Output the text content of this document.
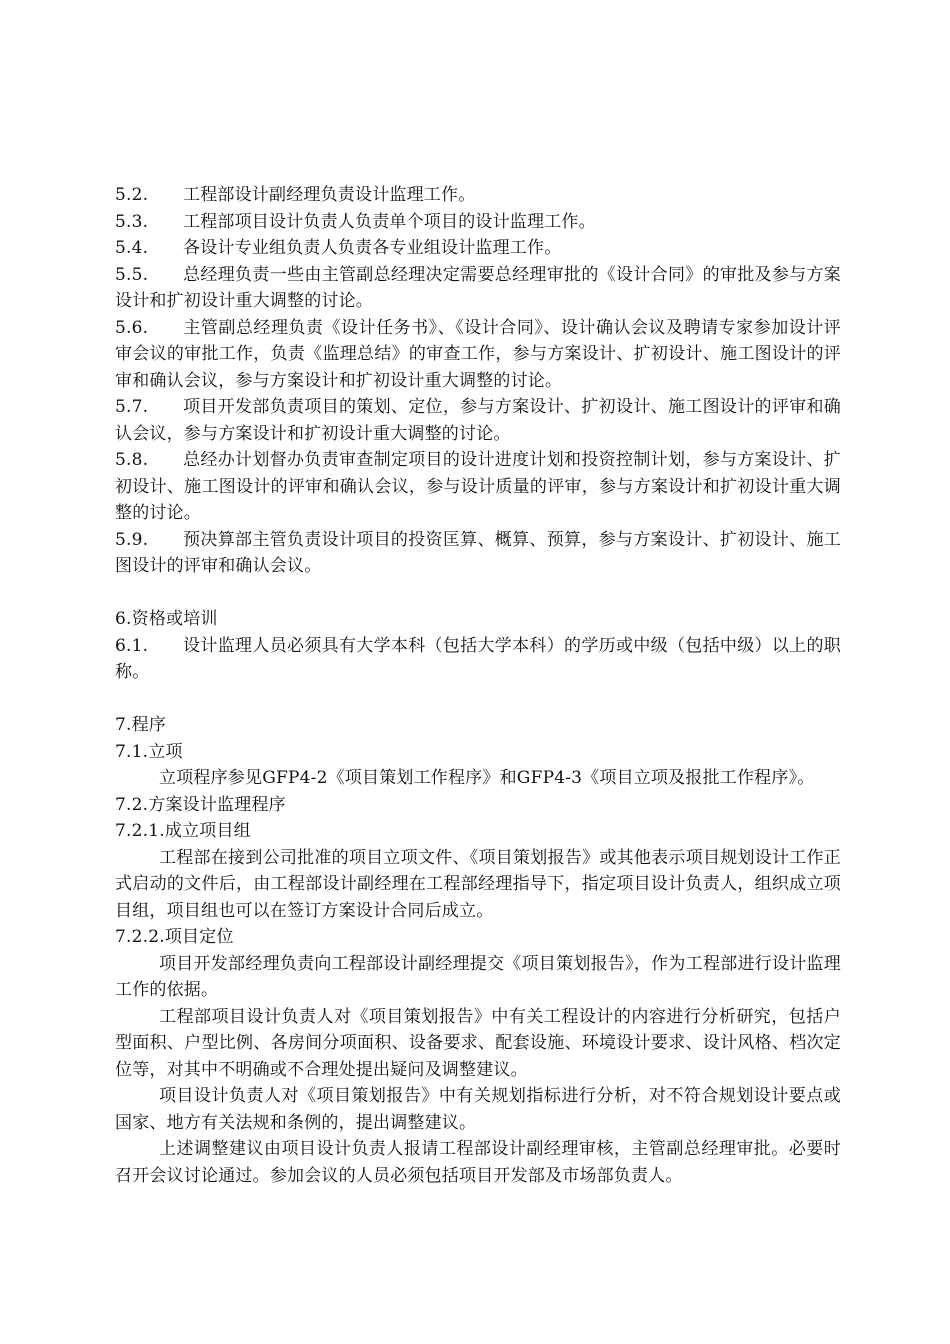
5.2. 工程部设计副经理负责设计监理工作。

5.3. 工程部项目设计负责人负责单个项目的设计监理工作。

5.4. 各设计专业组负责人负责各专业组设计监理工作。

5.5. 总经理负责一些由主管副总经理决定需要总经理审批的《设计合同》的审批及参与方案设计和扩初设计重大调整的讨论。

5.6. 主管副总经理负责《设计任务书》、《设计合同》、设计确认会议及聘请专家参加设计评审会议的审批工作，负责《监理总结》的审查工作，参与方案设计、扩初设计、施工图设计的评审和确认会议，参与方案设计和扩初设计重大调整的讨论。

5.7. 项目开发部负责项目的策划、定位，参与方案设计、扩初设计、施工图设计的评审和确认会议，参与方案设计和扩初设计重大调整的讨论。

5.8. 总经办计划督办负责审查制定项目的设计进度计划和投资控制计划，参与方案设计、扩初设计、施工图设计的评审和确认会议，参与设计质量的评审，参与方案设计和扩初设计重大调整的讨论。

5.9. 预决算部主管负责设计项目的投资匡算、概算、预算，参与方案设计、扩初设计、施工图设计的评审和确认会议。

6.资格或培训

6.1. 设计监理人员必须具有大学本科（包括大学本科）的学历或中级（包括中级）以上的职称。

7.程序

7.1.立项

立项程序参见GFP4-2《项目策划工作程序》和GFP4-3《项目立项及报批工作程序》。

7.2.方案设计监理程序

7.2.1.成立项目组

工程部在接到公司批准的项目立项文件、《项目策划报告》或其他表示项目规划设计工作正式启动的文件后，由工程部设计副经理在工程部经理指导下，指定项目设计负责人，组织成立项目组，项目组也可以在签订方案设计合同后成立。

7.2.2.项目定位

项目开发部经理负责向工程部设计副经理提交《项目策划报告》，作为工程部进行设计监理工作的依据。

工程部项目设计负责人对《项目策划报告》中有关工程设计的内容进行分析研究，包括户型面积、户型比例、各房间分项面积、设备要求、配套设施、环境设计要求、设计风格、档次定位等，对其中不明确或不合理处提出疑问及调整建议。

项目设计负责人对《项目策划报告》中有关规划指标进行分析，对不符合规划设计要点或国家、地方有关法规和条例的，提出调整建议。

上述调整建议由项目设计负责人报请工程部设计副经理审核，主管副总经理审批。必要时召开会议讨论通过。参加会议的人员必须包括项目开发部及市场部负责人。
